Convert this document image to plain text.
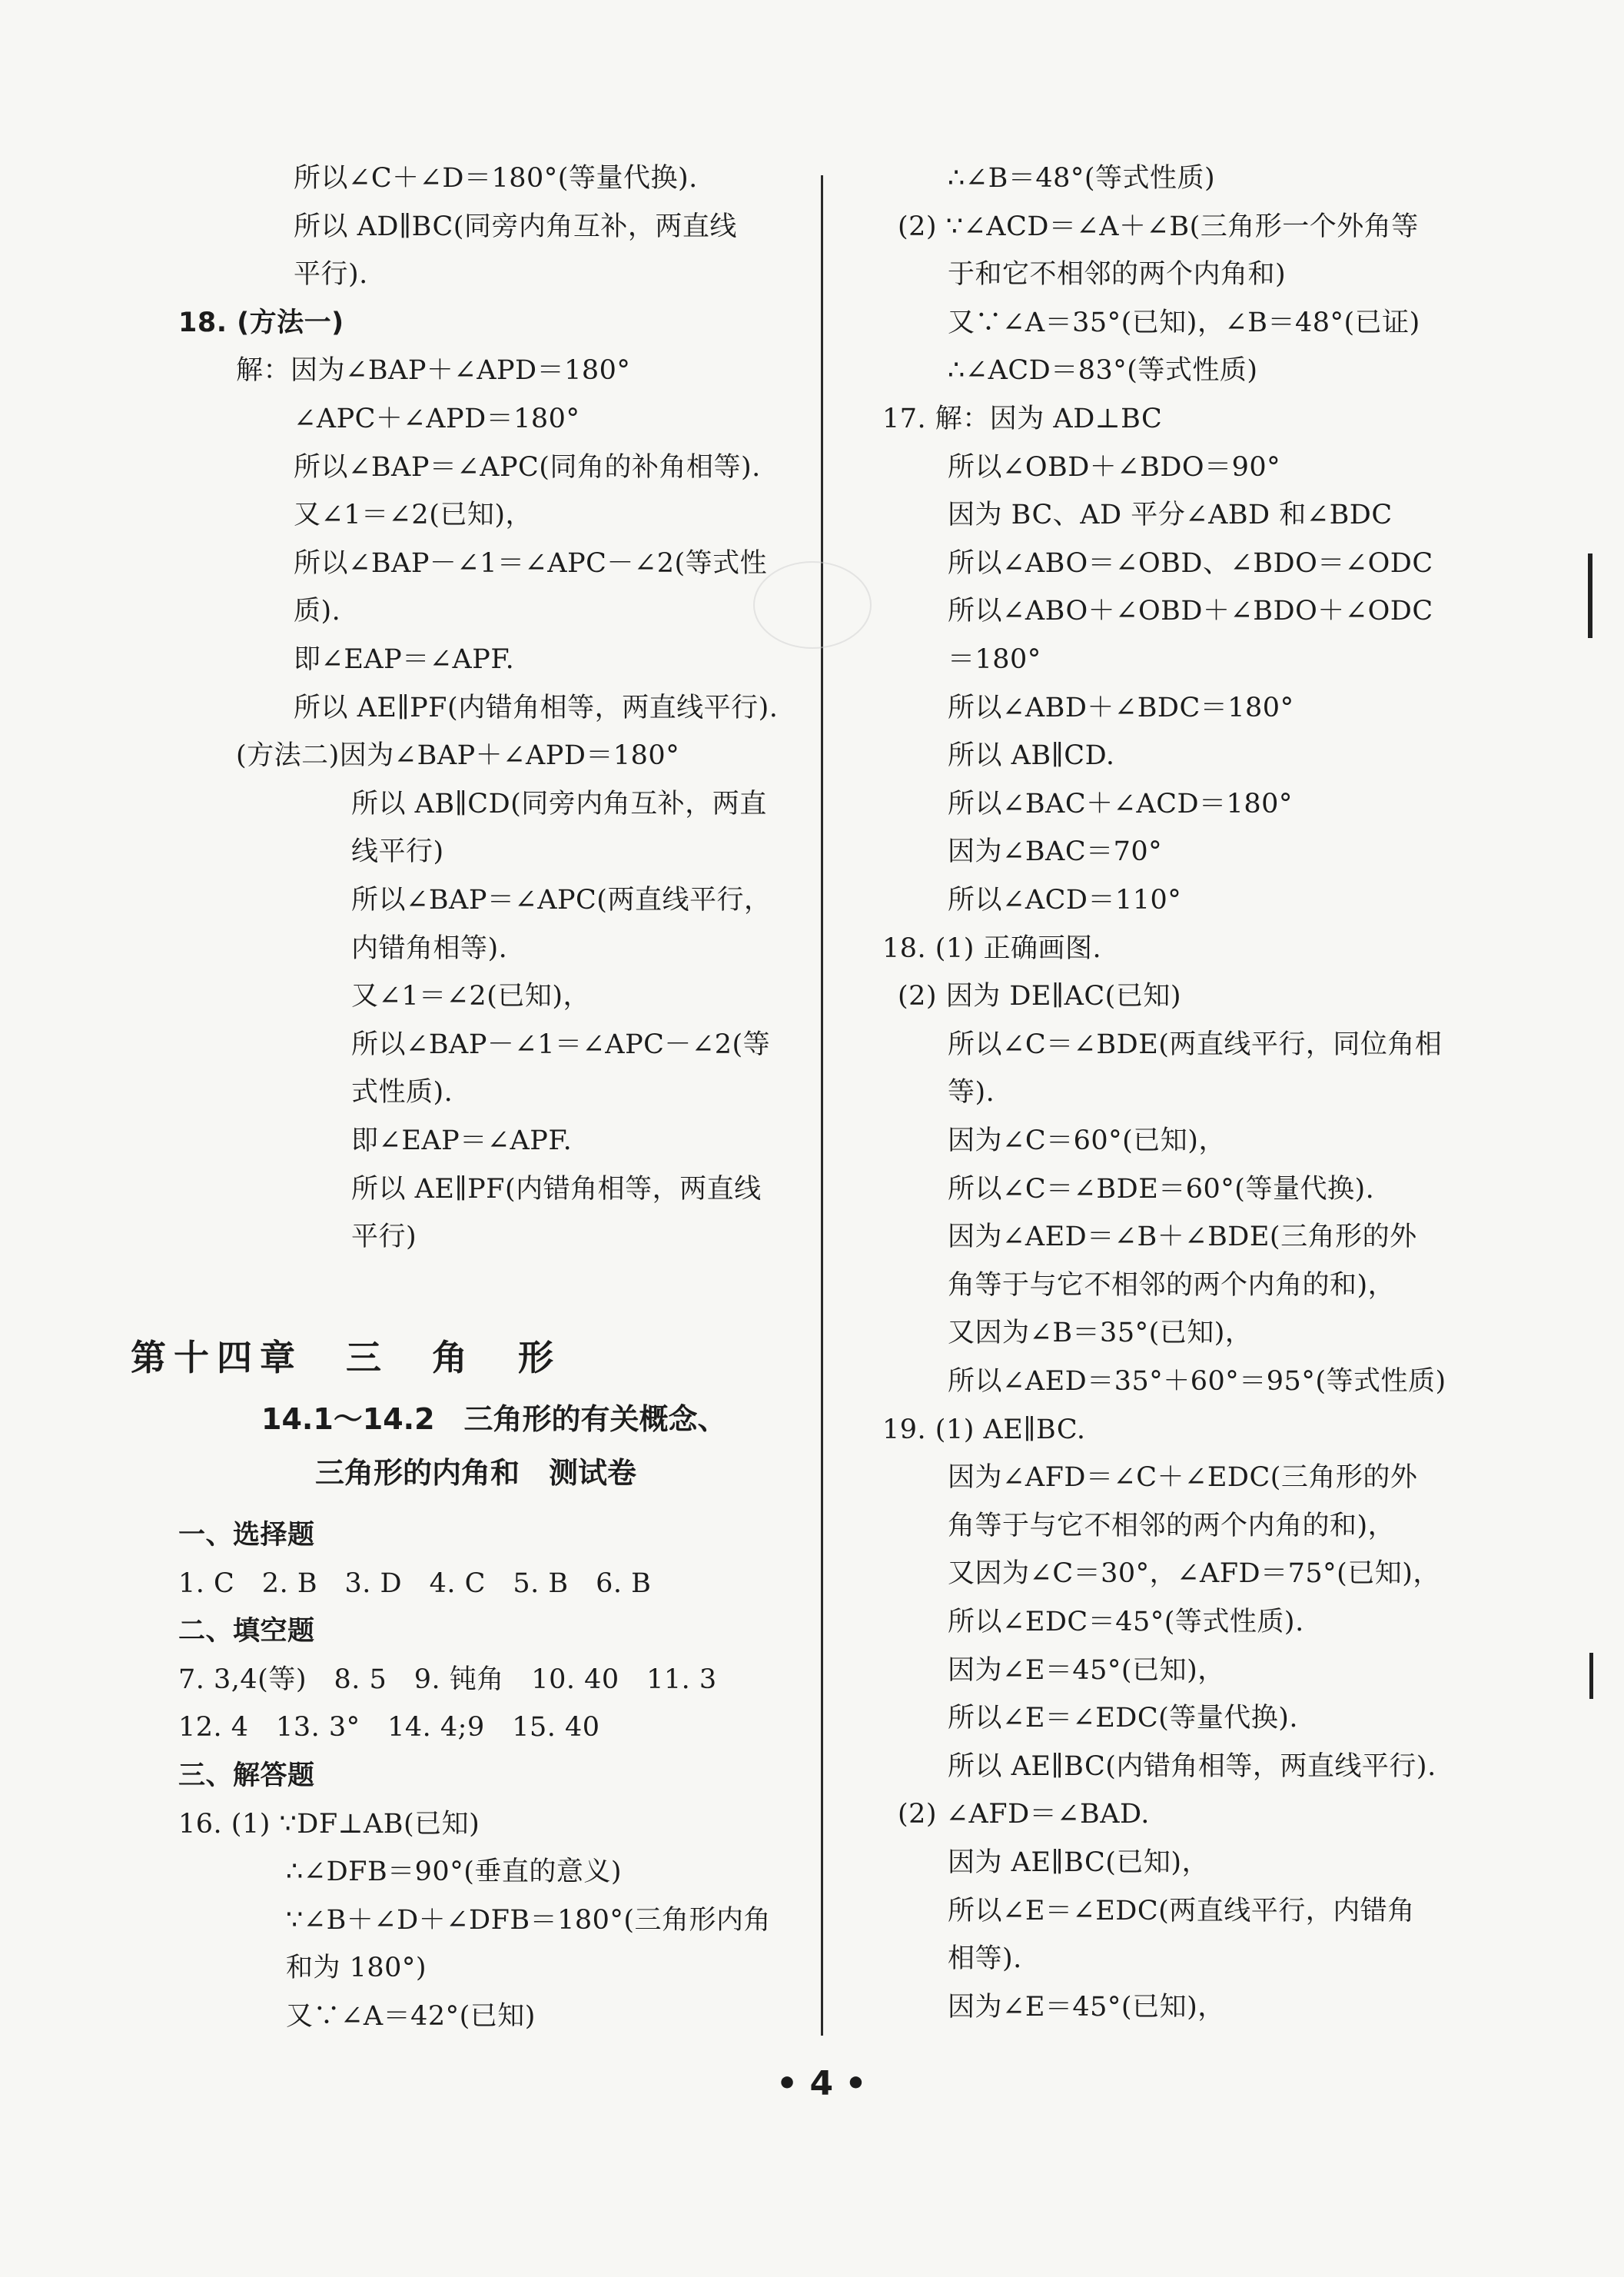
所以∠C＋∠D＝180°(等量代换).
所以 AD∥BC(同旁内角互补，两直线
平行).
18. (方法一)
解：因为∠BAP＋∠APD＝180°
∠APC＋∠APD＝180°
所以∠BAP＝∠APC(同角的补角相等).
又∠1＝∠2(已知)，
所以∠BAP－∠1＝∠APC－∠2(等式性
质).
即∠EAP＝∠APF.
所以 AE∥PF(内错角相等，两直线平行).
(方法二)因为∠BAP＋∠APD＝180°
所以 AB∥CD(同旁内角互补，两直
线平行)
所以∠BAP＝∠APC(两直线平行，
内错角相等).
又∠1＝∠2(已知)，
所以∠BAP－∠1＝∠APC－∠2(等
式性质).
即∠EAP＝∠APF.
所以 AE∥PF(内错角相等，两直线
平行)
第十四章　三　角　形
14.1～14.2　三角形的有关概念、
三角形的内角和　测试卷
一、选择题
1. C　2. B　3. D　4. C　5. B　6. B
二、填空题
7. 3,4(等)　8. 5　9. 钝角　10. 40　11. 3
12. 4　13. 3°　14. 4;9　15. 40
三、解答题
16. (1) ∵DF⊥AB(已知)
∴∠DFB＝90°(垂直的意义)
∵∠B＋∠D＋∠DFB＝180°(三角形内角
和为 180°)
又∵∠A＝42°(已知)
∴∠B＝48°(等式性质)
(2) ∵∠ACD＝∠A＋∠B(三角形一个外角等
于和它不相邻的两个内角和)
又∵∠A＝35°(已知)，∠B＝48°(已证)
∴∠ACD＝83°(等式性质)
17. 解：因为 AD⊥BC
所以∠OBD＋∠BDO＝90°
因为 BC、AD 平分∠ABD 和∠BDC
所以∠ABO＝∠OBD、∠BDO＝∠ODC
所以∠ABO＋∠OBD＋∠BDO＋∠ODC
＝180°
所以∠ABD＋∠BDC＝180°
所以 AB∥CD.
所以∠BAC＋∠ACD＝180°
因为∠BAC＝70°
所以∠ACD＝110°
18. (1) 正确画图.
(2) 因为 DE∥AC(已知)
所以∠C＝∠BDE(两直线平行，同位角相
等).
因为∠C＝60°(已知)，
所以∠C＝∠BDE＝60°(等量代换).
因为∠AED＝∠B＋∠BDE(三角形的外
角等于与它不相邻的两个内角的和)，
又因为∠B＝35°(已知)，
所以∠AED＝35°＋60°＝95°(等式性质)
19. (1) AE∥BC.
因为∠AFD＝∠C＋∠EDC(三角形的外
角等于与它不相邻的两个内角的和)，
又因为∠C＝30°，∠AFD＝75°(已知)，
所以∠EDC＝45°(等式性质).
因为∠E＝45°(已知)，
所以∠E＝∠EDC(等量代换).
所以 AE∥BC(内错角相等，两直线平行).
(2) ∠AFD＝∠BAD.
因为 AE∥BC(已知)，
所以∠E＝∠EDC(两直线平行，内错角
相等).
因为∠E＝45°(已知)，
• 4 •
